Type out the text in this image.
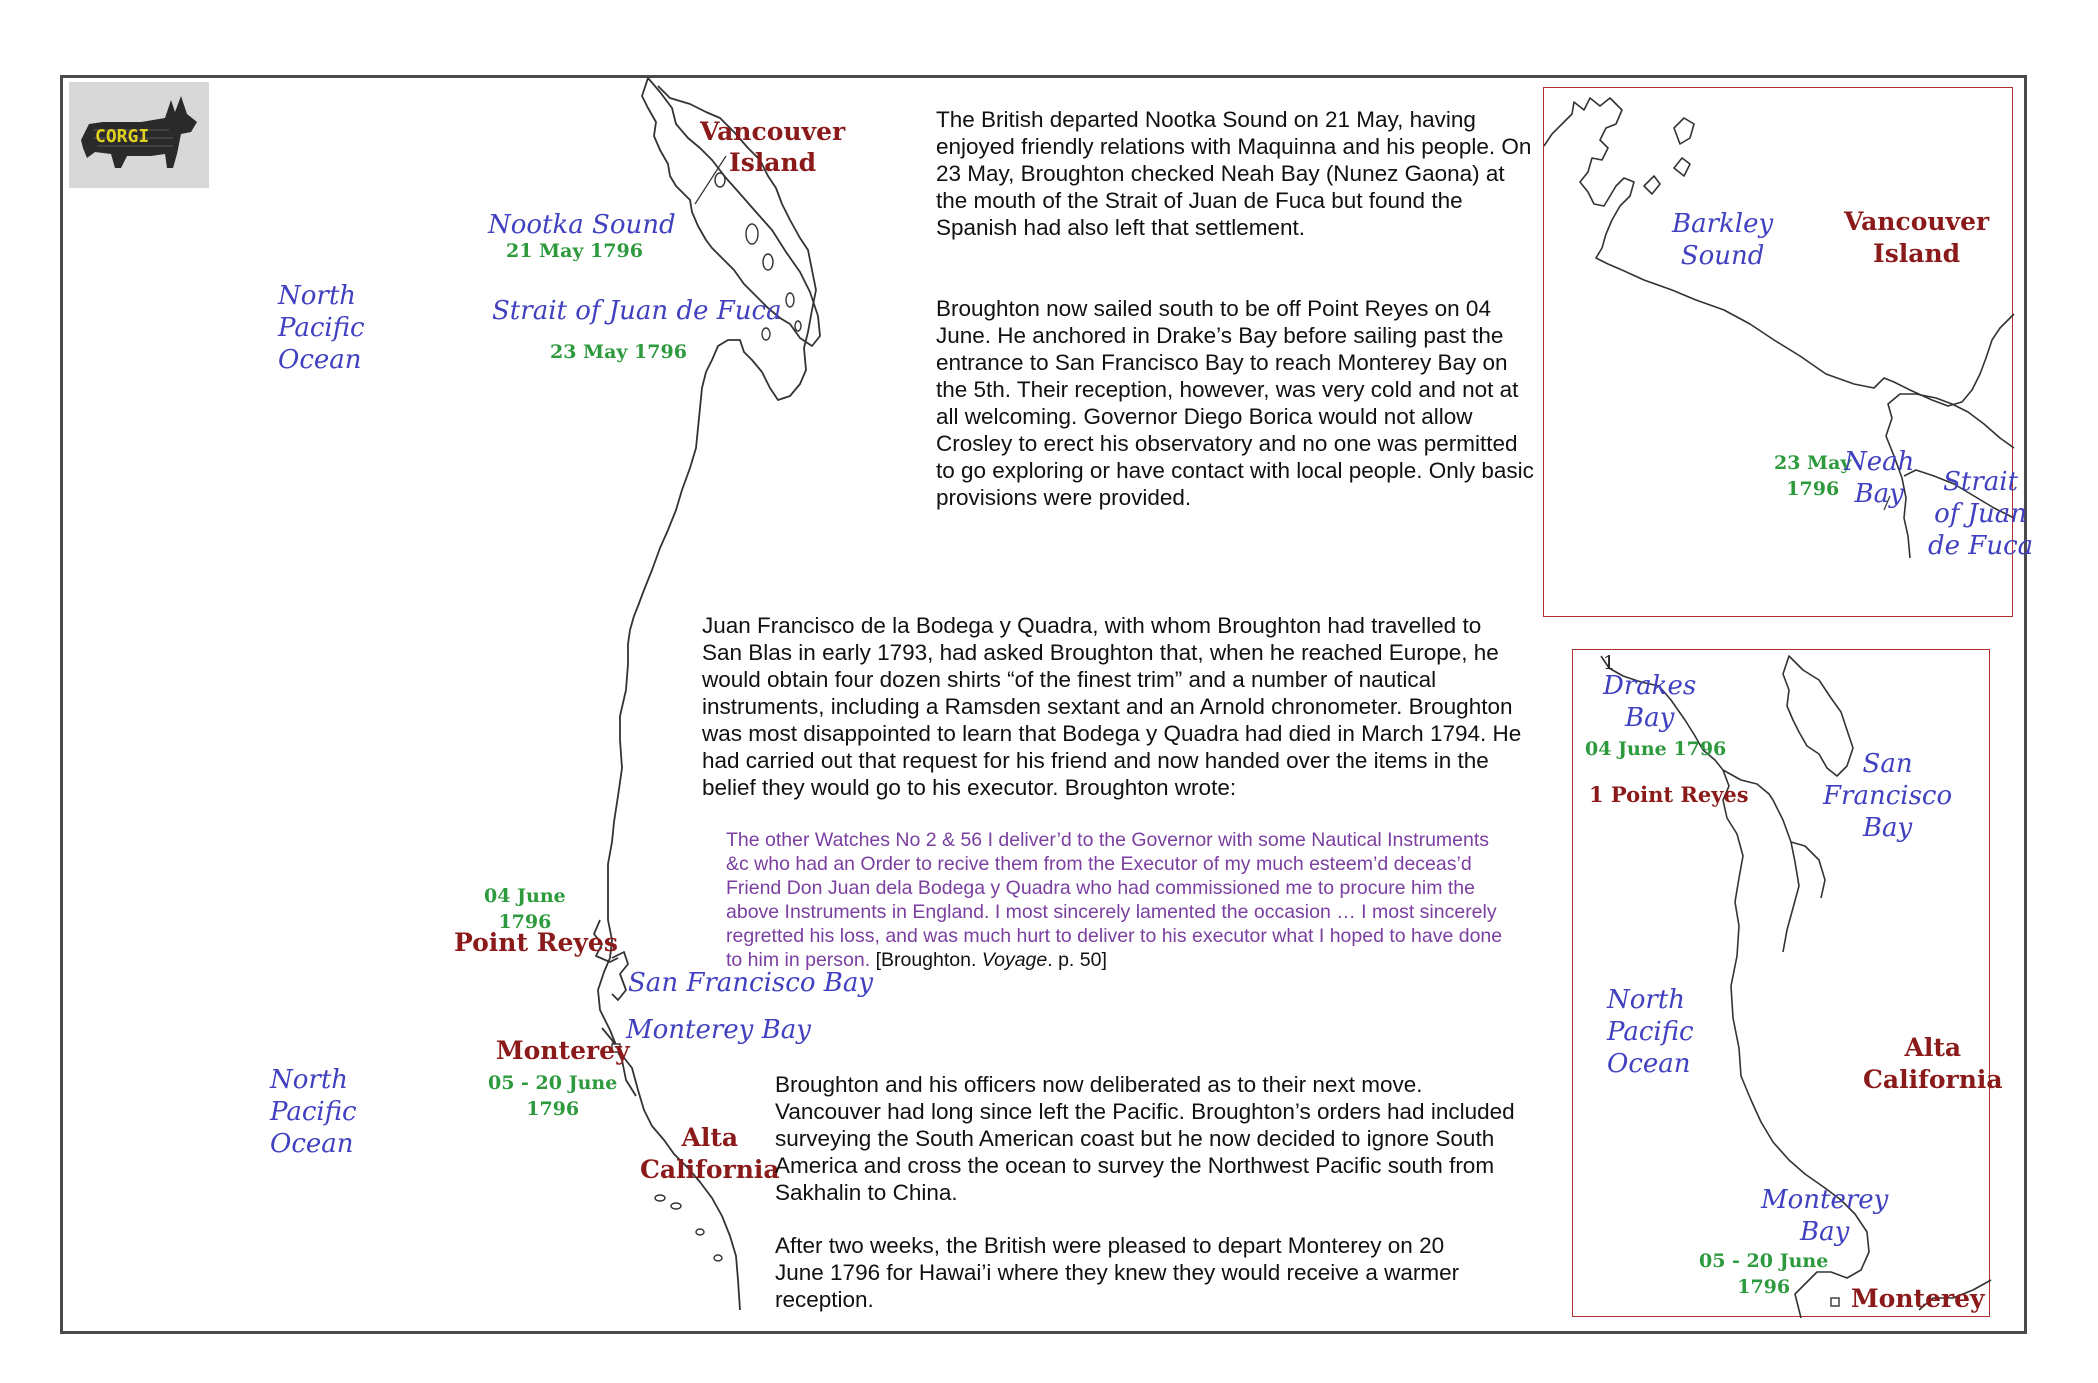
CORGI	Vancouver
Island
Nootka Sound
21 May 1796
North
Pacific
Ocean
Strait of Juan de Fuca
23 May 1796
04 June
1796
Point Reyes
San Francisco Bay
Monterey Bay
Monterey
05 - 20 June
1796
North
Pacific
Ocean	Alta
California

The British departed Nootka Sound on 21 May, having enjoyed friendly relations with Maquinna and his people. On 23 May, Broughton checked Neah Bay (Nunez Gaona) at the mouth of the Strait of Juan de Fuca but found the Spanish had also left that settlement.

Broughton now sailed south to be off Point Reyes on 04 June. He anchored in Drake’s Bay before sailing past the entrance to San Francisco Bay to reach Monterey Bay on the 5th. Their reception, however, was very cold and not at all welcoming. Governor Diego Borica would not allow Crosley to erect his observatory and no one was permitted to go exploring or have contact with local people. Only basic provisions were provided.

Juan Francisco de la Bodega y Quadra, with whom Broughton had travelled to San Blas in early 1793, had asked Broughton that, when he reached Europe, he would obtain four dozen shirts “of the finest trim” and a number of nautical instruments, including a Ramsden sextant and an Arnold chronometer. Broughton was most disappointed to learn that Bodega y Quadra had died in March 1794. He had carried out that request for his friend and now handed over the items in the belief they would go to his executor. Broughton wrote:

The other Watches No 2 & 56 I deliver’d to the Governor with some Nautical Instruments &c who had an Order to recive them from the Executor of my much esteem’d deceas’d Friend Don Juan dela Bodega y Quadra who had commissioned me to procure him the above Instruments in England. I most sincerely lamented the occasion … I most sincerely regretted his loss, and was much hurt to deliver to his executor what I hoped to have done to him in person. [Broughton. Voyage. p. 50]

Broughton and his officers now deliberated as to their next move. Vancouver had long since left the Pacific. Broughton’s orders had included surveying the South American coast but he now decided to ignore South America and cross the ocean to survey the Northwest Pacific south from Sakhalin to China.

After two weeks, the British were pleased to depart Monterey on 20 June 1796 for Hawai’i where they knew they would receive a warmer reception.

Barkley
Sound
Vancouver
Island
23 May
1796
Neah
Bay	Strait
of Juan
de Fuca
1
Drakes
Bay
04 June 1796
1 Point Reyes
San
Francisco
Bay
North
Pacific
Ocean
Alta
California
Monterey
Bay
05 - 20 June
1796	Monterey
